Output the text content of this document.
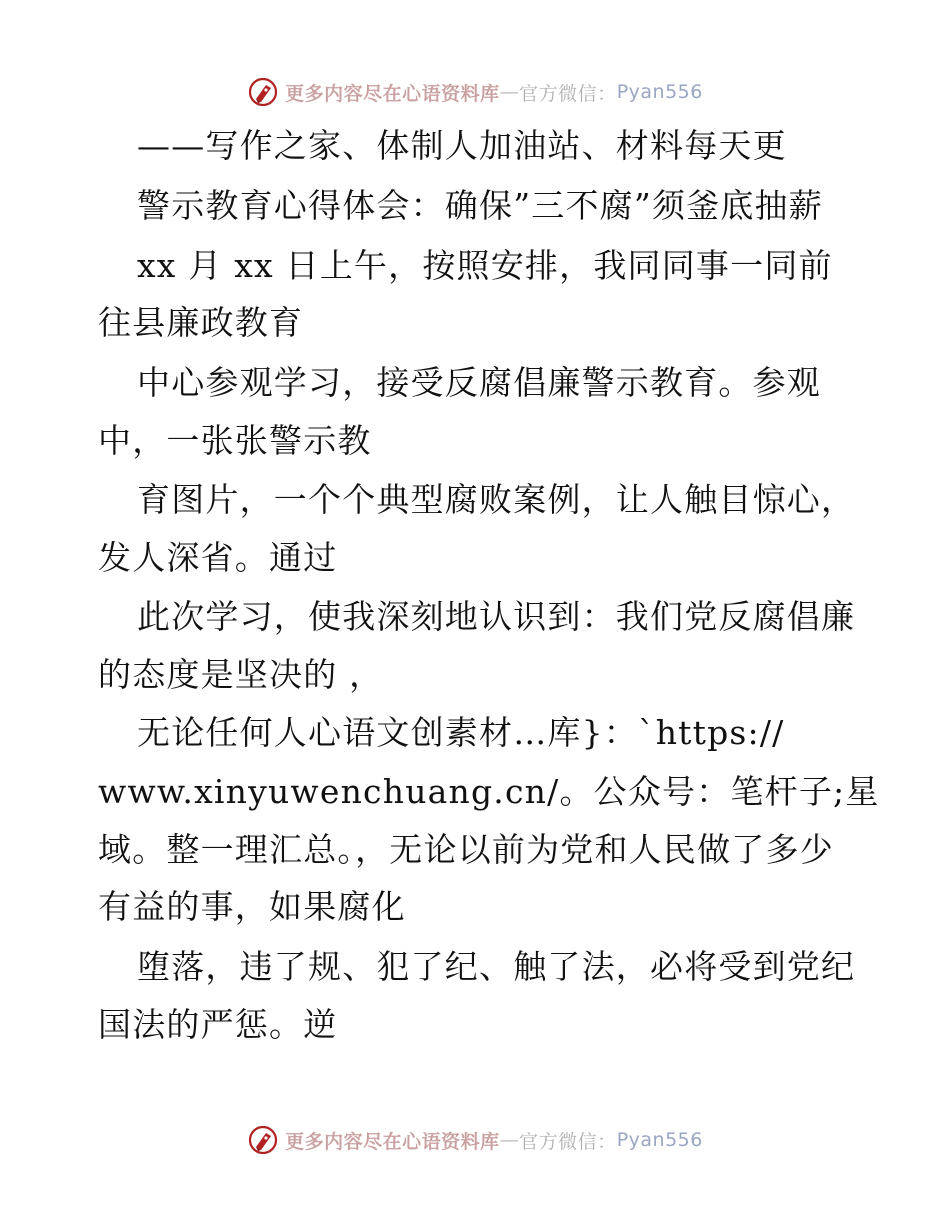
更多内容尽在心语资料库 — 官方微信： Pyan556
——写作之家、体制人加油站、材料每天更
警示教育心得体会：确保”三不腐”须釜底抽薪
xx 月 xx 日上午，按照安排，我同同事一同前
往县廉政教育
中心参观学习，接受反腐倡廉警示教育。参观
中，一张张警示教
育图片，一个个典型腐败案例，让人触目惊心，
发人深省。通过
此次学习，使我深刻地认识到：我们党反腐倡廉
的态度是坚决的 ，
无论任何人心语文创素材…库}：`https://
www.xinyuwenchuang.cn/。公众号：笔杆子;星
域。整一理汇总。，无论以前为党和人民做了多少
有益的事，如果腐化
堕落，违了规、犯了纪、触了法，必将受到党纪
国法的严惩。逆
更多内容尽在心语资料库 — 官方微信： Pyan556
